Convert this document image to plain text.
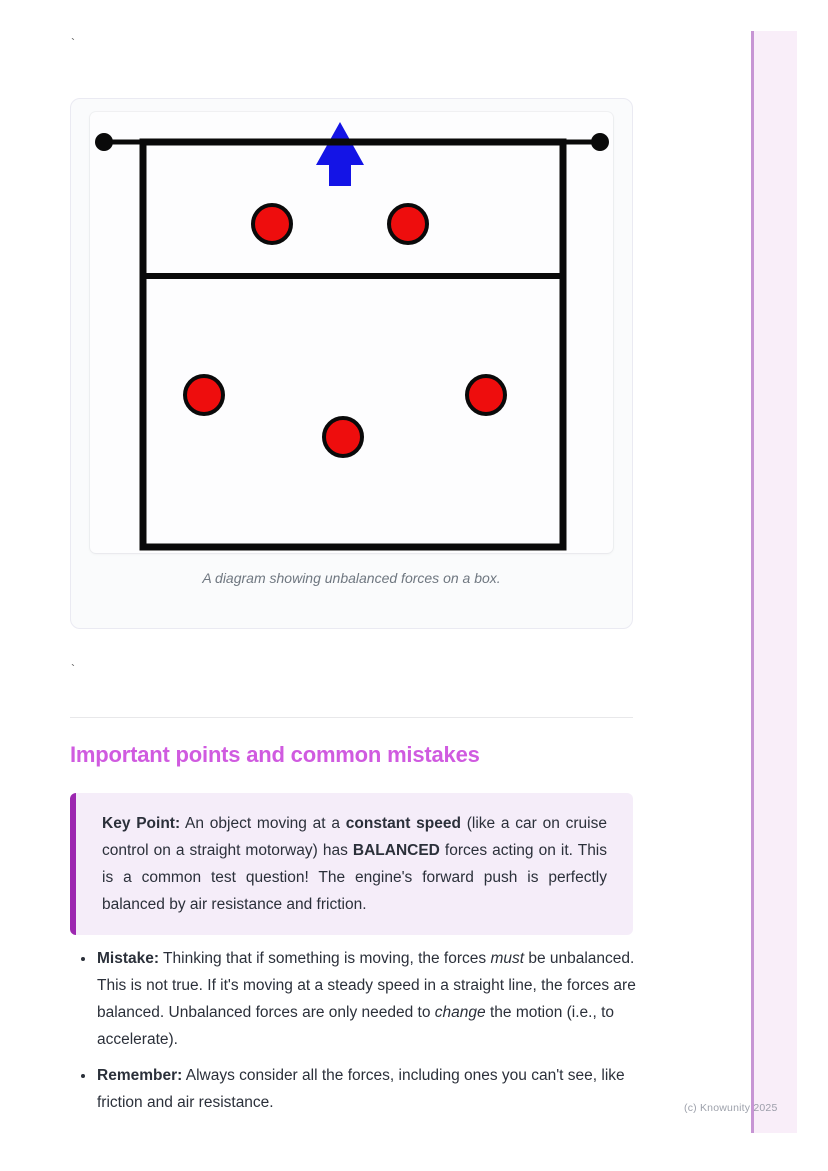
`
A diagram showing unbalanced forces on a box.
`
Important points and common mistakes
Key Point: An object moving at a constant speed (like a car on cruise control on a straight motorway) has BALANCED forces acting on it. This is a common test question! The engine's forward push is perfectly balanced by air resistance and friction.
• Mistake: Thinking that if something is moving, the forces must be unbalanced. This is not true. If it's moving at a steady speed in a straight line, the forces are balanced. Unbalanced forces are only needed to change the motion (i.e., to accelerate).
• Remember: Always consider all the forces, including ones you can't see, like friction and air resistance.	(c) Knowunity 2025
